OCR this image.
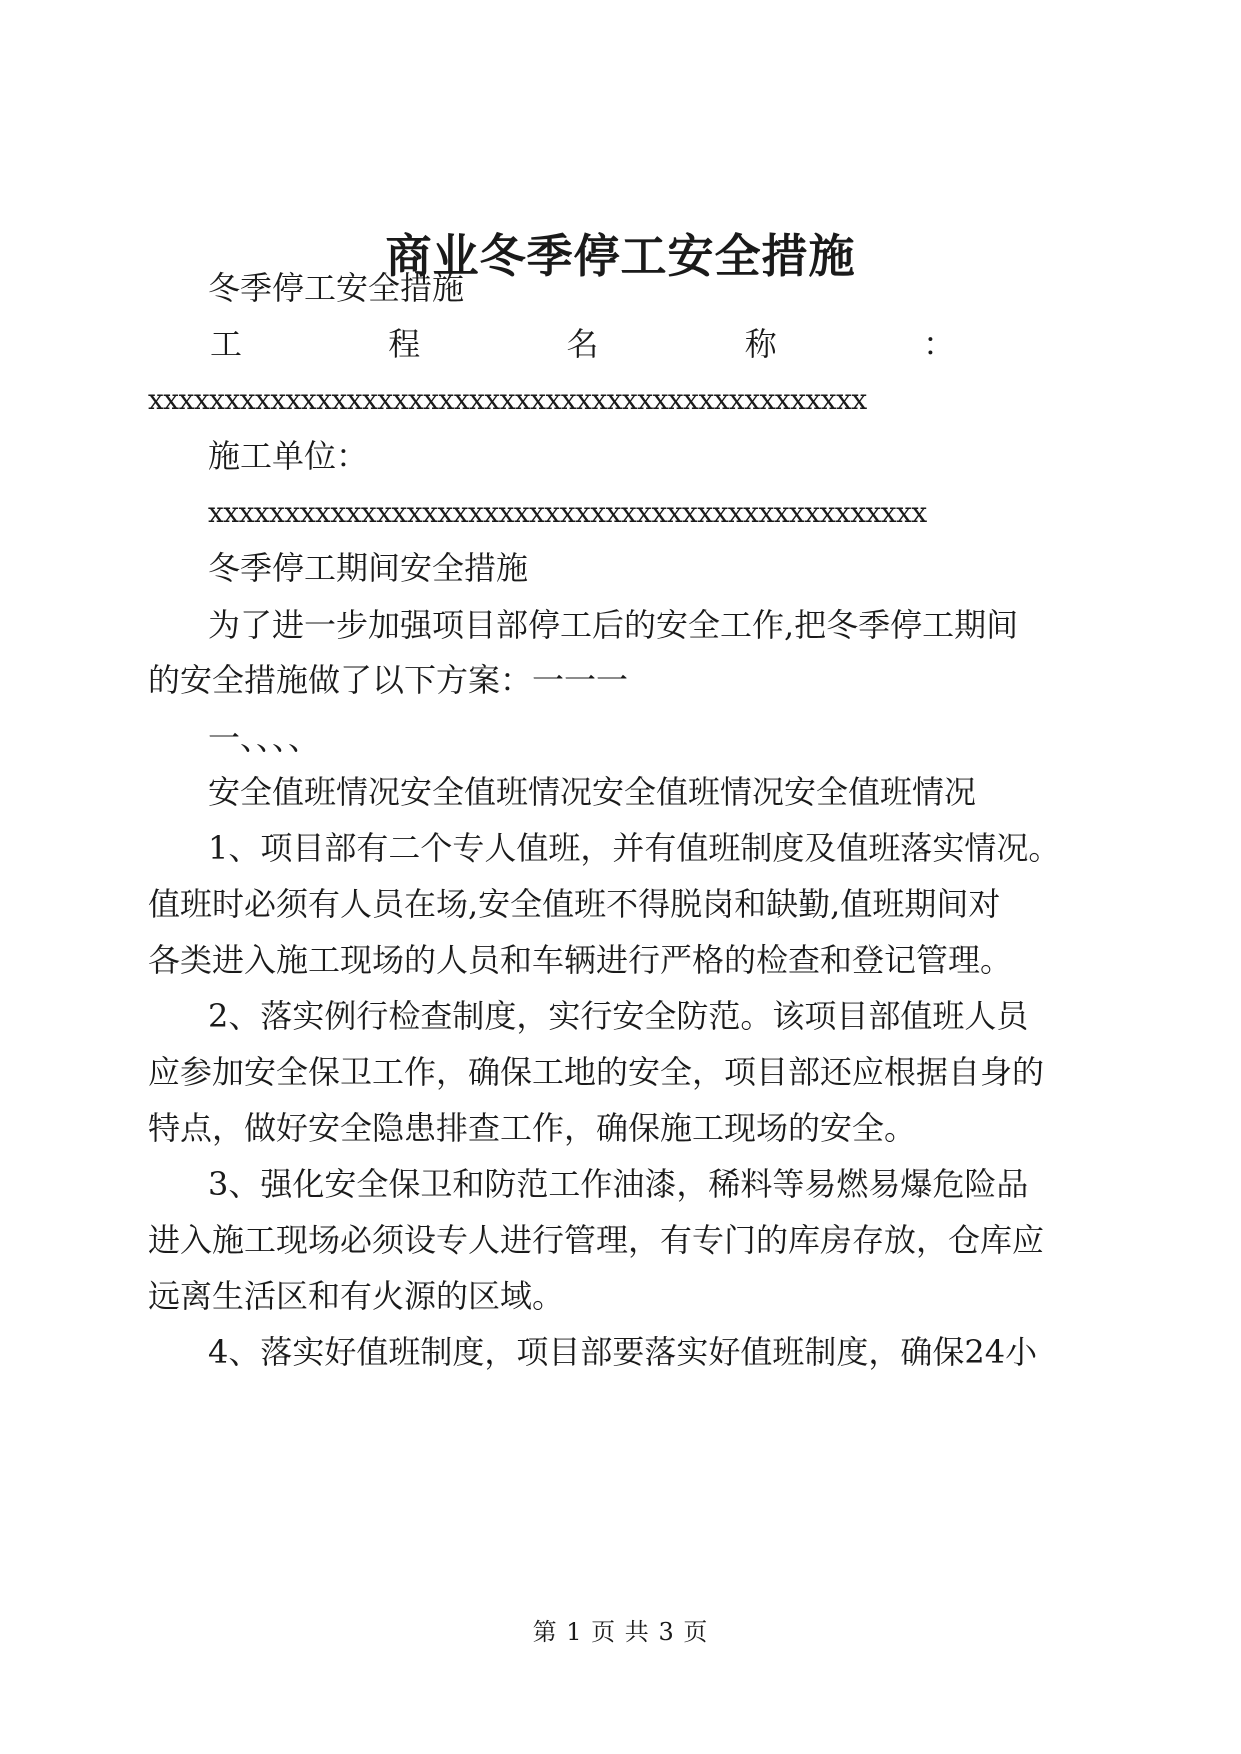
商业冬季停工安全措施
冬季停工安全措施
工	程	名	称	：
xxxxxxxxxxxxxxxxxxxxxxxxxxxxxxxxxxxxxxxxxxxxxxx
施工单位：
xxxxxxxxxxxxxxxxxxxxxxxxxxxxxxxxxxxxxxxxxxxxxxx
冬季停工期间安全措施
为了进一步加强项目部停工后的安全工作,把冬季停工期间
的安全措施做了以下方案：一一一
一、、、、
安全值班情况安全值班情况安全值班情况安全值班情况
1、项目部有二个专人值班，并有值班制度及值班落实情况。
值班时必须有人员在场,安全值班不得脱岗和缺勤,值班期间对
各类进入施工现场的人员和车辆进行严格的检查和登记管理。
2、落实例行检查制度，实行安全防范。该项目部值班人员
应参加安全保卫工作，确保工地的安全，项目部还应根据自身的
特点，做好安全隐患排查工作，确保施工现场的安全。
3、强化安全保卫和防范工作油漆，稀料等易燃易爆危险品
进入施工现场必须设专人进行管理，有专门的库房存放，仓库应
远离生活区和有火源的区域。
4、落实好值班制度，项目部要落实好值班制度，确保24小
第 1 页 共 3 页
